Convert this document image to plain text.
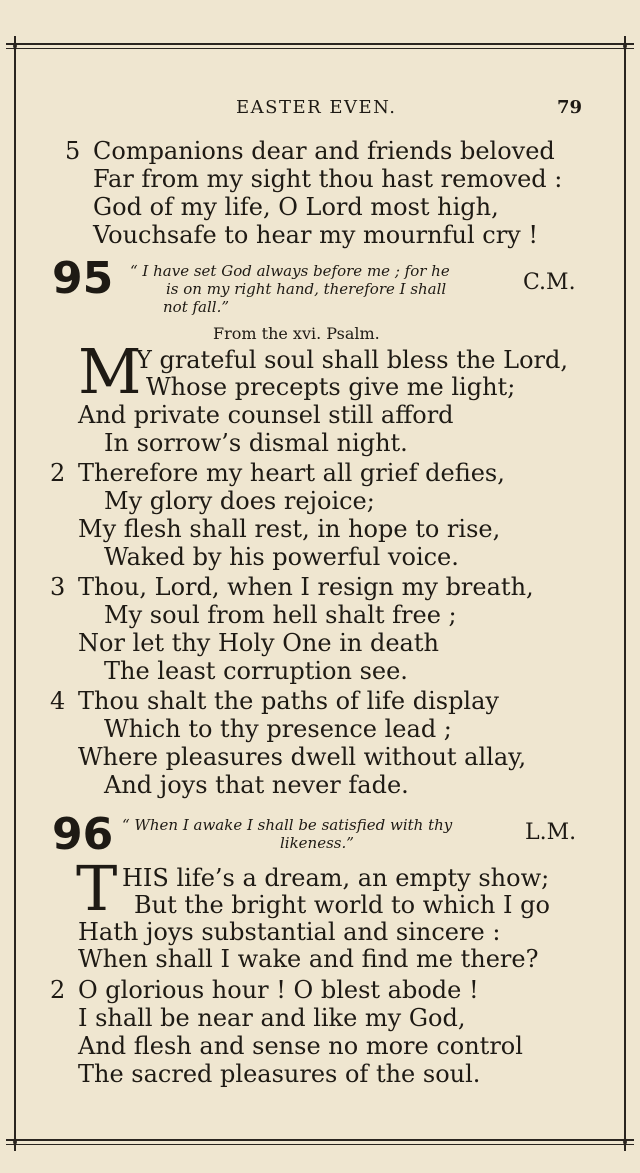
EASTER EVEN.	79
5 Companions dear and friends beloved
Far from my sight thou hast removed :
God of my life, O Lord most high,
Vouchsafe to hear my mournful cry !
95 “ I have set God always before me ; for he
is on my right hand, therefore I shall
not fall.”
C.M.
From the xvi. Psalm.
M
Y grateful soul shall bless the Lord,
Whose precepts give me light;
And private counsel still afford
In sorrow’s dismal night.
2 Therefore my heart all grief defies,
My glory does rejoice;
My flesh shall rest, in hope to rise,
Waked by his powerful voice.
3 Thou, Lord, when I resign my breath,
My soul from hell shalt free ;
Nor let thy Holy One in death
The least corruption see.
4 Thou shalt the paths of life display
Which to thy presence lead ;
Where pleasures dwell without allay,
And joys that never fade.
96 “ When I awake I shall be satisfied with thy
likeness.”	L.M.
T HIS life’s a dream, an empty show;
But the bright world to which I go
Hath joys substantial and sincere :
When shall I wake and find me there?
2 O glorious hour ! O blest abode !
I shall be near and like my God,
And flesh and sense no more control
The sacred pleasures of the soul.
